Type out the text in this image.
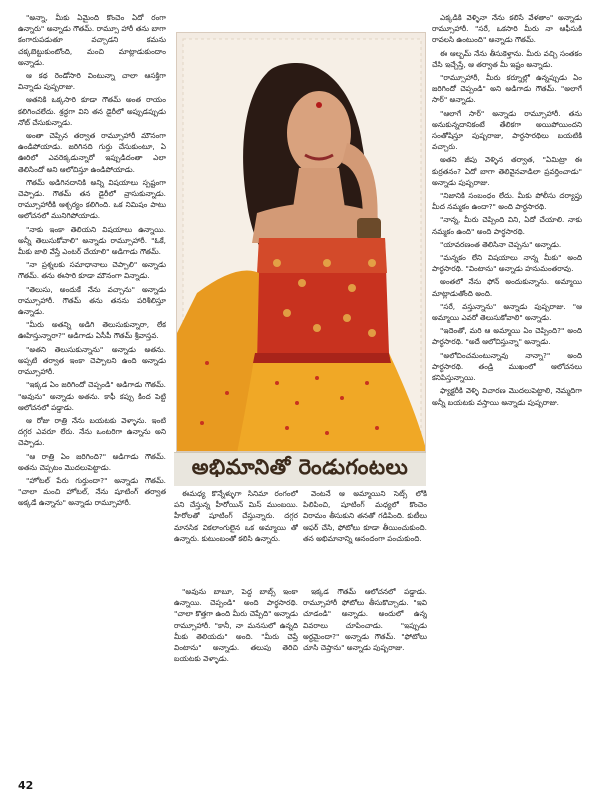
"అన్నా, మీకు ఏమైంది కొంచెం ఏదో రంగా ఉన్నారు" అన్నాడు గౌతమ్. రామ్సూ హారీ తను బాగా కంగారుపడుతూ వచ్చాడని కమను చక్కబెట్టుకుంటోంది, మంచి మాట్లాడుకుందాం అన్నాడు.

ఆ కథ రెండోసారి వింటున్నా చాలా ఆసక్తిగా విన్నాడు పుష్పరాజు.

ఆతనికి ఒక్కసారి కూడా గౌతమ్ అంత రాయం కలిగించలేదు. శ్రద్ధగా విని తన డైరీలో అప్పుడప్పుడు నోట్ చేసుకున్నాడు.

అంతా చెప్పిన తర్వాత రామ్సూహారీ మౌనంగా ఉండిపోయాడు. జరిగినది గుర్తు చేసుకుంటూ, ఏ ఊరిలో ఎవరెక్కడున్నారో ఇప్పుడిదంతా ఎలా తెలిసిందో అని ఆలోచిస్తూ ఉండిపోయాడు.

గౌతమ్ అడిగినదానికి అన్ని విషయాలు స్పష్టంగా చెప్పాడు. గౌతమ్ తన డైరీలో వ్రాసుకున్నాడు. రామ్సూహారీకి ఆశ్చర్యం కలిగింది. ఒక నిమిషం పాటు ఆలోచనలో మునిగిపోయాడు.

"నాకు ఇంకా తెలియని విషయాలు ఉన్నాయి. అన్నీ తెలుసుకోవాలి" అన్నాడు రామ్సూహారీ. "ఓకే, మీకు జాలి వేస్తే ఎంటర్ చేయాలి" అడిగాడు గౌతమ్.

"నా ప్రశ్నలకు సమాధానాలు చెప్పాలి" అన్నాడు గౌతమ్. తను ఈసారి కూడా మౌనంగా విన్నాడు.

"తెలుసు, అందుకే నేను వచ్చాను" అన్నాడు రామ్సూహారీ. గౌతమ్ తను తనను పరిశీలిస్తూ ఉన్నాడు.

"మీరు అతన్ని అడిగి తెలుసుకున్నారా, లేక ఊహిస్తున్నారా?" అడిగాడు ఏసీపీ గౌతమ్ శ్రీవాస్తవ.

"అతని తెలుసుకున్నాను" అన్నాడు అతను. అప్పటి తర్వాత ఇంకా చెప్పాలని ఉంది అన్నాడు రామ్సూహారీ.

"ఇక్కడ ఏం జరిగిందో చెప్పండి" అడిగాడు గౌతమ్. "అవును" అన్నాడు అతను. కాఫీ కప్పు కింద పెట్టి ఆలోచనలో పడ్డాడు.

ఆ రోజు రాత్రి నేను బయటకు వెళ్ళాను. ఇంటి దగ్గర ఎవరూ లేరు. నేను ఒంటరిగా ఉన్నాను అని చెప్పాడు.

"ఆ రాత్రి ఏం జరిగింది?" అడిగాడు గౌతమ్. అతను చెప్పటం మొదలుపెట్టాడు.

"హోటల్ పేరు గుర్తుందా?" అన్నాడు గౌతమ్. "చాలా మంచి హోటల్, నేను షూటింగ్ తర్వాత అక్కడే ఉన్నాను" అన్నాడు రామ్సూహారీ.

అభిమానితో రెండుగంటలు

ఈమధ్య కొన్నేళ్ళుగా సినిమా రంగంలో పని చేస్తున్న హీరోయిన్ మిస్ ముంబయి. హీరోలతో షూటింగ్ చేస్తున్నారు. దగ్గర మానసిక వికలాంగులైన ఒక అమ్మాయి తో ఉన్నారు. కుటుంబంతో కలిసి ఉన్నారు.

వెంటనే ఆ అమ్మాయిని సెట్స్ లోకి పిలిపించి, షూటింగ్ మధ్యలో కొంచెం విరామం తీసుకుని తనతో గడిపింది. కుటీలు ఆఫర్ చేసి, ఫోటోలు కూడా తీయించుకుంది. తన అభిమానాన్ని ఆనందంగా పంచుకుంది.

"అవును బాబూ, పెద్ద బాబ్స్ ఇంకా ఉన్నాయి. చెప్పండి" అంది పార్థసారథి. "చాలా కొత్తగా ఉంది మీరు చెప్పేది" అన్నాడు రామ్సూహారీ. "కానీ, నా మనసులో ఉన్నది మీకు తెలియదు" అంది. "మీరు చెప్తే వింటాను" అన్నాడు. తలుపు తెరిచి బయటకు వెళ్ళాడు.

ఇక్కడ గౌతమ్ ఆలోచనలో పడ్డాడు. రామ్సూహారీ ఫోటోలు తీసుకొచ్చాడు. "ఇవి చూడండి" అన్నాడు. అందులో ఉన్న వివరాలు చూపించాడు. "ఇప్పుడు అర్థమైందా?" అన్నాడు గౌతమ్. "ఫోటోలు చూసి చెప్తాను" అన్నాడు పుష్పరాజు.

ఎక్కడికి వెళ్ళినా నేను కలిసే వేళతాం" అన్నాడు రామ్సూహారీ. "సరే, ఒకసారి మీరు నా ఆఫీసుకి రావలసి ఉంటుంది" అన్నాడు గౌతమ్.

ఈ ఆల్బమ్ నేను తీసుకెళ్తాను. మీరు వచ్చి సంతకం చేసి ఇచ్చేస్తే, ఆ తర్వాత మీ ఇష్టం అన్నాడు.

"రామ్సూహారీ, మీరు కర్నూల్లో ఉన్నప్పుడు ఏం జరిగిందో చెప్పండి" అని అడిగాడు గౌతమ్. "అలాగే సార్" అన్నాడు.

"ఆలాగే సార్" అన్నాడు రామ్సూహారీ. తను అనుకున్నదానికంటే తేలికగా అయిపోయిందని సంతోషిస్తూ పుష్పరాజు, పార్థసారథిలు బయటికి వచ్చారు.

అతని జీపు వెళ్ళిన తర్వాత, "ఏమిట్రా ఈ కుర్రతనం? ఏదో బాగా తెలివైనవాడిలా ప్రవర్తించాడు" అన్నాడు పుష్పరాజు.

"నిజానికి సంబంధం లేదు. మీకు పోలీసు దర్యాప్తు మీద నమ్మకం ఉందా?" అంది పార్థసారథి.

"నాన్న, మీరు చెప్పింది విని, ఏదో చేయాలి. నాకు నమ్మకం ఉంది" అంది పార్థసారథి.

"యావరణంత తెలిసినా చెప్పను" అన్నాడు.

"మన్నకం లేని విషయాలు నాన్న మీకు" అంది పార్థసారథి. "వింటాను" అన్నాడు హనుమంతరావు.

అంతలో నేను ఫోన్ అందుకున్నాను. అమ్మాయి మాట్లాడుతోంది అంది.

"సరే, వస్తున్నాను" అన్నాడు పుష్పరాజు. "ఆ అమ్మాయి ఎవరో తెలుసుకోవాలి" అన్నాడు.

"ఇదెంతో, మరి ఆ అమ్మాయి ఏం చెప్పింది?" అంది పార్థసారథి. "అదే ఆలోచిస్తున్నా" అన్నాడు.

"అలోచించమంటున్నావు నాన్నా?" అంది పార్థసారథి. తండ్రి ముఖంలో ఆలోచనలు కనిపిస్తున్నాయి.

ఫ్యాక్టరీకి వెళ్ళి విచారణ మొదలుపెట్టాలి, నెమ్మదిగా అన్నీ బయటకు వస్తాయి అన్నాడు పుష్పరాజు.

42
